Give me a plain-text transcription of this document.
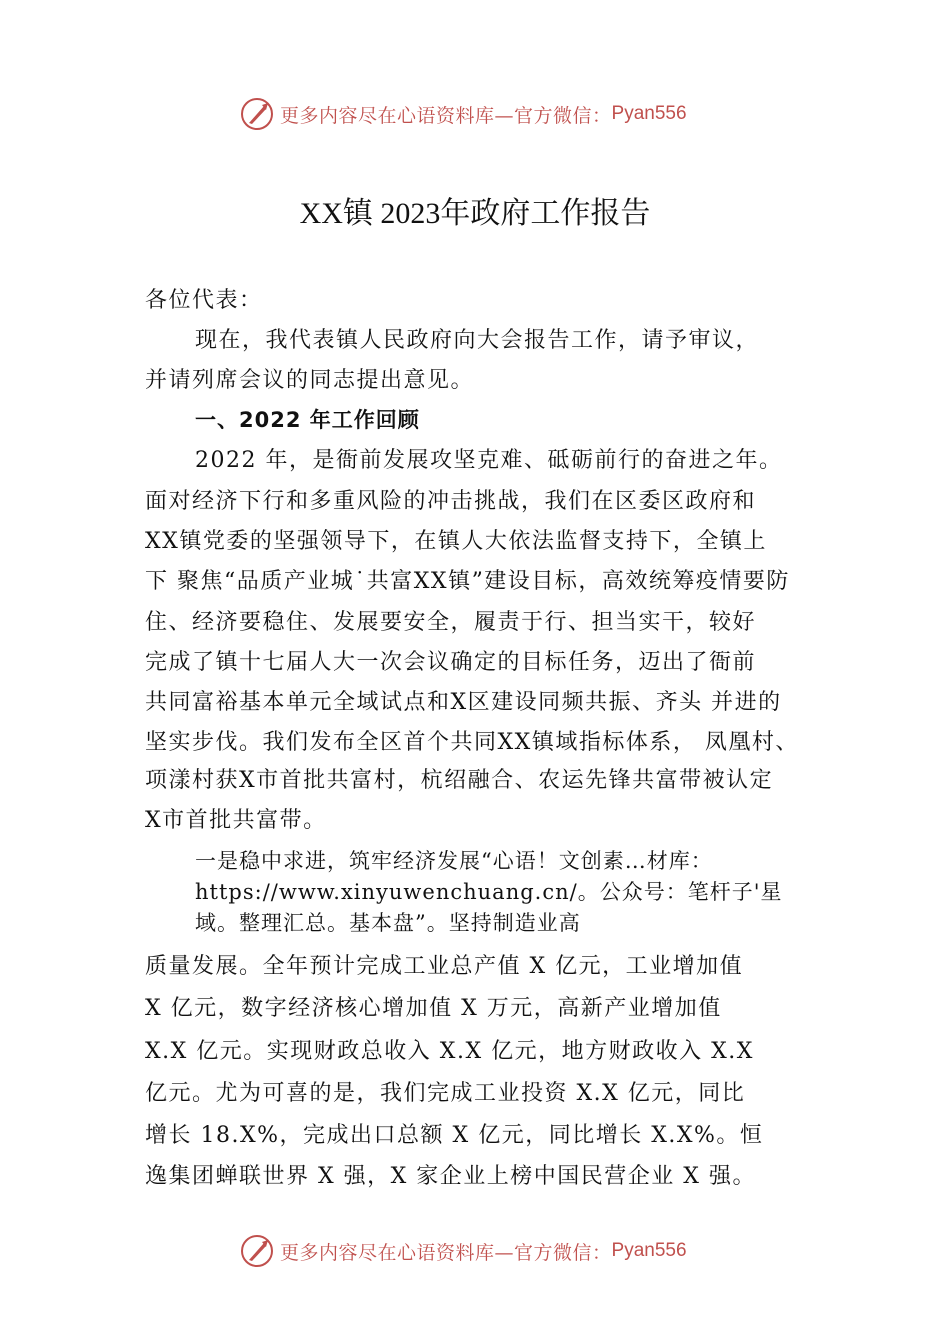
更多内容尽在心语资料库—官方微信： Pyan556
XX镇 2023年政府工作报告
各位代表：
现在，我代表镇人民政府向大会报告工作，请予审议，
并请列席会议的同志提出意见。
一、2022 年工作回顾
2022 年，是衙前发展攻坚克难、砥砺前行的奋进之年。
面对经济下行和多重风险的冲击挑战，我们在区委区政府和
XX镇党委的坚强领导下，在镇人大依法监督支持下，全镇上
下 聚焦“品质产业城˙共富XX镇”建设目标，高效统筹疫情要防
住、经济要稳住、发展要安全，履责于行、担当实干，较好
完成了镇十七届人大一次会议确定的目标任务，迈出了衙前
共同富裕基本单元全域试点和X区建设同频共振、齐头 并进的
坚实步伐。我们发布全区首个共同XX镇域指标体系， 凤凰村、
项漾村获X市首批共富村，杭绍融合、农运先锋共富带被认定
X市首批共富带。
一是稳中求进，筑牢经济发展“心语！文创素…材库：
https://www.xinyuwenchuang.cn/。公众号：笔杆子'星
域。整理汇总。基本盘”。坚持制造业高
质量发展。全年预计完成工业总产值 X 亿元，工业增加值
X 亿元，数字经济核心增加值 X 万元，高新产业增加值
X.X 亿元。实现财政总收入 X.X 亿元，地方财政收入 X.X
亿元。尤为可喜的是，我们完成工业投资 X.X 亿元，同比
增长 18.X%，完成出口总额 X 亿元，同比增长 X.X%。恒
逸集团蝉联世界 X 强，X 家企业上榜中国民营企业 X 强。
更多内容尽在心语资料库—官方微信： Pyan556
